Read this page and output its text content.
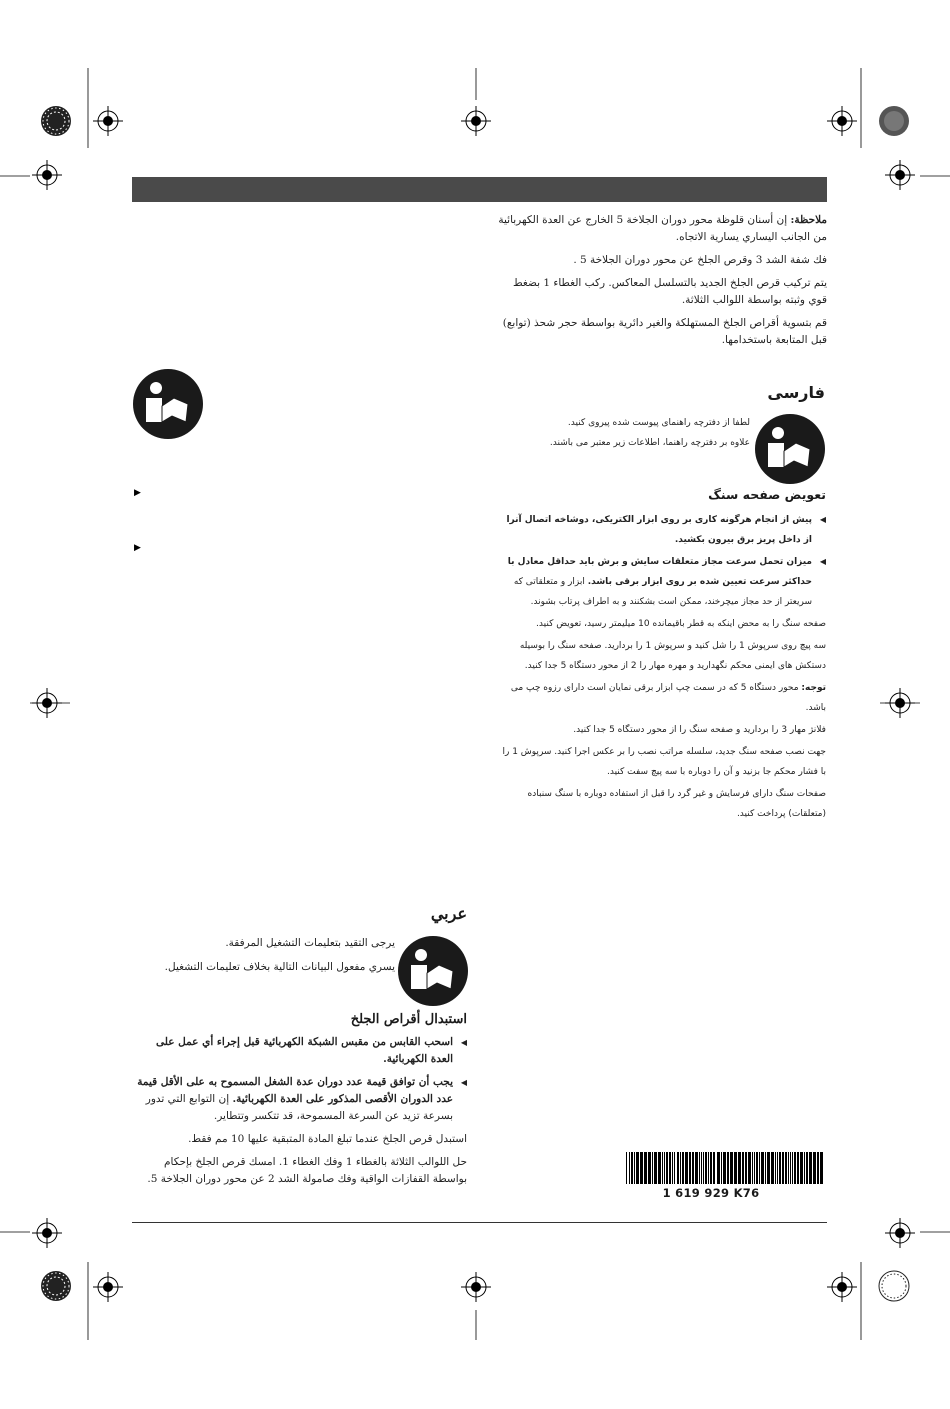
ملاحظة: إن أسنان قلوظة محور دوران الجلاخة 5 الخارج عن العدة الكهربائية من الجانب اليساري يسارية الاتجاه.

فك شفة الشد 3 وقرص الجلخ عن محور دوران الجلاخة 5 .

يتم تركيب قرص الجلخ الجديد بالتسلسل المعاكس. ركب الغطاء 1 بضغط قوي وثبته بواسطة اللوالب الثلاثة.

قم بتسوية أقراص الجلخ المستهلكة والغير دائرية بواسطة حجر شحذ (توابع) قبل المتابعة باستخدامها.

▶
▶
فارسی

لطفا از دفترچه راهنمای پیوست شده پیروی کنید.

علاوه بر دفترچه راهنما، اطلاعات زیر معتبر می باشند.

تعویض صفحه سنگ

◀
پیش از انجام هرگونه کاری بر روی ابزار الکتریکی، دوشاخه اتصال آنرا از داخل پریز برق بیرون بکشید.

◀
میزان تحمل سرعت مجاز متعلقات سایش و برش باید حداقل معادل با حداکثر سرعت تعیین شده بر روی ابزار برقی باشد. ابزار و متعلقاتی که سریعتر از حد مجاز میچرخند، ممکن است بشکنند و به اطراف پرتاب بشوند.

صفحه سنگ را به محض اینکه به قطر باقیمانده 10 میلیمتر رسید، تعویض کنید.

سه پیچ روی سرپوش 1 را شل کنید و سرپوش 1 را بردارید. صفحه سنگ را بوسیله دستکش های ایمنی محکم نگهدارید و مهره مهار را 2 از محور دستگاه 5 جدا کنید.

توجه: محور دستگاه 5 که در سمت چپ ابزار برقی نمایان است دارای رزوه چپ می باشد.

فلانژ مهار 3 را بردارید و صفحه سنگ را از محور دستگاه 5 جدا کنید.

جهت نصب صفحه سنگ جدید، سلسله مراتب نصب را بر عکس اجرا کنید. سرپوش 1 را با فشار محکم جا بزنید و آن را دوباره با سه پیچ سفت کنید.

صفحات سنگ دارای فرسایش و غیر گرد را قبل از استفاده دوباره با سنگ سنباده (متعلقات) پرداخت کنید.

عربي

يرجى التقيد بتعليمات التشغيل المرفقة.

يسري مفعول البيانات التالية بخلاف تعليمات التشغيل.

استبدال أقراص الجلخ

◀
اسحب القابس من مقبس الشبكة الكهربائية قبل إجراء أي عمل على العدة الكهربائية.

◀
يجب أن توافق قيمة عدد دوران عدة الشغل المسموح به على الأقل قيمة عدد الدوران الأقصى المذكور على العدة الكهربائية. إن التوابع التي تدور بسرعة تزيد عن السرعة المسموحة، قد تتكسر وتتطاير.

استبدل قرص الجلخ عندما تبلغ المادة المتبقية عليها 10 مم فقط.

حل اللوالب الثلاثة بالغطاء 1 وفك الغطاء 1. امسك قرص الجلخ بإحكام بواسطة القفازات الواقية وفك صامولة الشد 2 عن محور دوران الجلاخة 5.

1 619 929 K76
